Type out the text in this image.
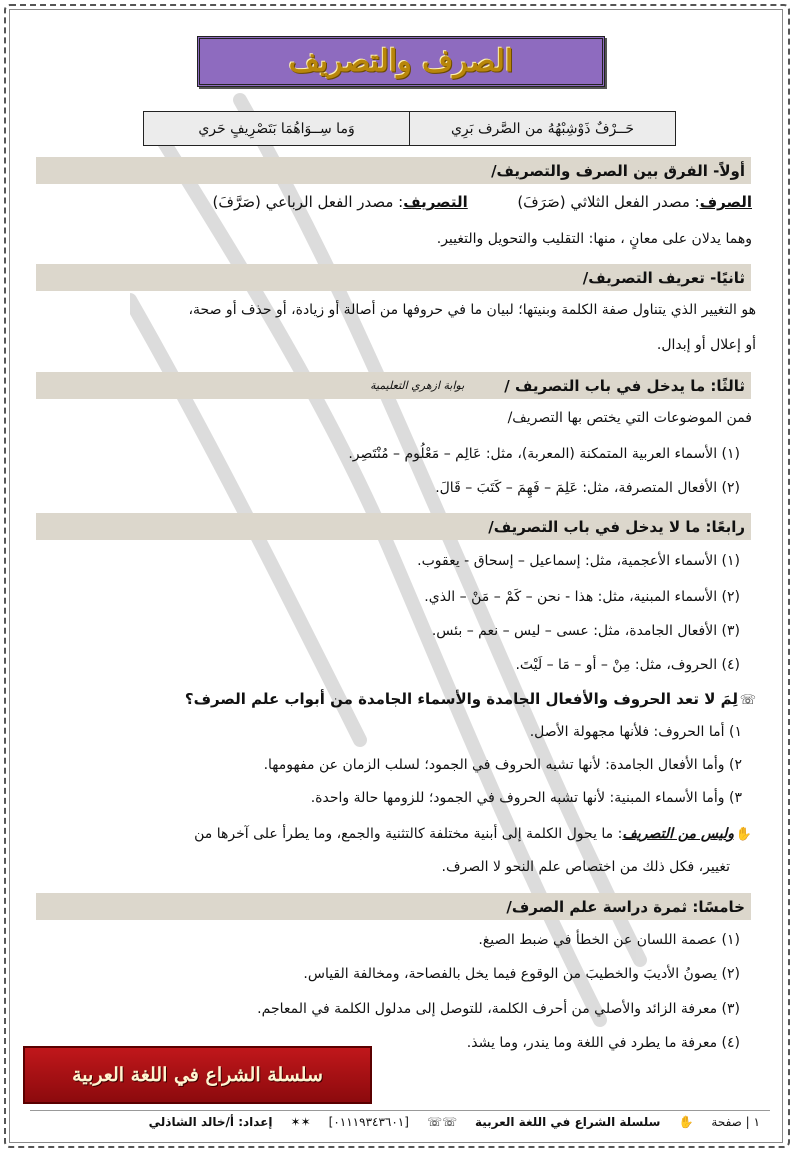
الصرف والتصريف
حَــرْفٌ ذَوْشِبْهُهُ من الصَّرف بَرِي
وَما سِــوَاهُمَا بَتَصْرِيفٍ حَري
أولاً- الفرق بين الصرف والتصريف/
الصرف: مصدر الفعل الثلاثي (صَرَفَ)  التصريف: مصدر الفعل الرباعي (صَرَّفَ)
وهما يدلان على معانٍ ، منها: التقليب والتحويل والتغيير.
ثانيًا- تعريف التصريف/
هو التغيير الذي يتناول صفة الكلمة وبنيتها؛ لبيان ما في حروفها من أصالة أو زيادة، أو حذف أو صحة،
أو إعلال أو إبدال.
ثالثًا: ما يدخل في باب التصريف /
بوابة ازهري التعليمية
فمن الموضوعات التي يختص بها التصريف/
(١) الأسماء العربية المتمكنة (المعربة)، مثل: عَالِم – مَعْلُوم – مُنْتَصِر.
(٢) الأفعال المتصرفة، مثل: عَلِمَ – فَهِمَ – كَتَبَ – قَالَ.
رابعًا: ما لا يدخل في باب التصريف/
(١) الأسماء الأعجمية، مثل: إسماعيل – إسحاق - يعقوب.
(٢) الأسماء المبنية، مثل: هذا - نحن – كَمْ – مَنْ – الذي.
(٣) الأفعال الجامدة، مثل: عسى – ليس – نعم – بئس.
(٤) الحروف، مثل: مِنْ – أو – مَا – لَيْتَ.
☏لِمَ لا تعد الحروف والأفعال الجامدة والأسماء الجامدة من أبواب علم الصرف؟
١) أما الحروف: فلأنها مجهولة الأصل.
٢) وأما الأفعال الجامدة: لأنها تشبه الحروف في الجمود؛ لسلب الزمان عن مفهومها.
٣) وأما الأسماء المبنية: لأنها تشبه الحروف في الجمود؛ للزومها حالة واحدة.
✋وليس من التصريف: ما يحول الكلمة إلى أبنية مختلفة كالتثنية والجمع، وما يطرأ على آخرها من
تغيير، فكل ذلك من اختصاص علم النحو لا الصرف.
خامسًا: ثمرة دراسة علم الصرف/
(١) عصمة اللسان عن الخطأ في ضبط الصيغ.
(٢) يصونُ الأديبَ والخطيبَ من الوقوع فيما يخل بالفصاحة، ومخالفة القياس.
(٣) معرفة الزائد والأصلي من أحرف الكلمة، للتوصل إلى مدلول الكلمة في المعاجم.
(٤) معرفة ما يطرد في اللغة وما يندر، وما يشذ.
سلسلة الشراع في اللغة العربية
١ | صفحة
✋
سلسلة الشراع في اللغة العربية
☏☏
[٠١١١٩٣٤٣٦٠١]
✶✶
إعداد: أ/خالد الشاذلي
